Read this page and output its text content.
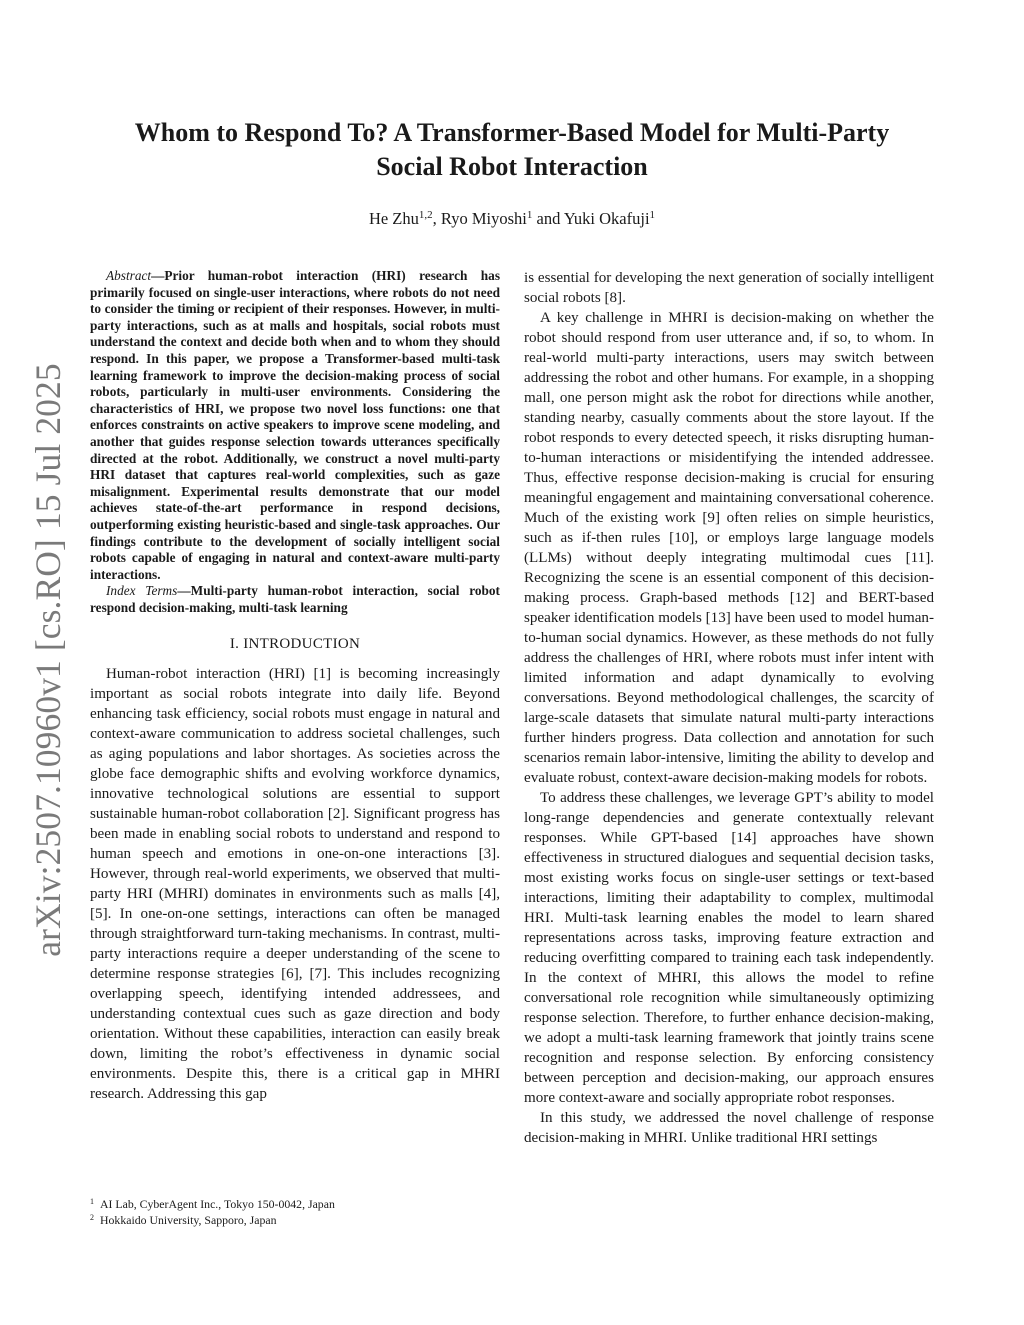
arXiv:2507.10960v1 [cs.RO] 15 Jul 2025
Whom to Respond To? A Transformer-Based Model for Multi-Party
Social Robot Interaction
He Zhu$^{1,2}$, Ryo Miyoshi$^1$ and Yuki Okafuji$^1$

Abstract—Prior human-robot interaction (HRI) research has primarily focused on single-user interactions, where robots do not need to consider the timing or recipient of their responses. However, in multi-party interactions, such as at malls and hospitals, social robots must understand the context and decide both when and to whom they should respond. In this paper, we propose a Transformer-based multi-task learning framework to improve the decision-making process of social robots, particularly in multi-user environments. Considering the characteristics of HRI, we propose two novel loss functions: one that enforces constraints on active speakers to improve scene modeling, and another that guides response selection towards utterances specifically directed at the robot. Additionally, we construct a novel multi-party HRI dataset that captures real-world complexities, such as gaze misalignment. Experimental results demonstrate that our model achieves state-of-the-art performance in respond decisions, outperforming existing heuristic-based and single-task approaches. Our findings contribute to the development of socially intelligent social robots capable of engaging in natural and context-aware multi-party interactions.

Index Terms—Multi-party human-robot interaction, social robot respond decision-making, multi-task learning

I. INTRODUCTION

Human-robot interaction (HRI) [1] is becoming increasingly important as social robots integrate into daily life. Beyond enhancing task efficiency, social robots must engage in natural and context-aware communication to address societal challenges, such as aging populations and labor shortages. As societies across the globe face demographic shifts and evolving workforce dynamics, innovative technological solutions are essential to support sustainable human-robot collaboration [2]. Significant progress has been made in enabling social robots to understand and respond to human speech and emotions in one-on-one interactions [3]. However, through real-world experiments, we observed that multi-party HRI (MHRI) dominates in environments such as malls [4], [5]. In one-on-one settings, interactions can often be managed through straightforward turn-taking mechanisms. In contrast, multi-party interactions require a deeper understanding of the scene to determine response strategies [6], [7]. This includes recognizing overlapping speech, identifying intended addressees, and understanding contextual cues such as gaze direction and body orientation. Without these capabilities, interaction can easily break down, limiting the robot’s effectiveness in dynamic social environments. Despite this, there is a critical gap in MHRI research. Addressing this gap

is essential for developing the next generation of socially intelligent social robots [8].

A key challenge in MHRI is decision-making on whether the robot should respond from user utterance and, if so, to whom. In real-world multi-party interactions, users may switch between addressing the robot and other humans. For example, in a shopping mall, one person might ask the robot for directions while another, standing nearby, casually comments about the store layout. If the robot responds to every detected speech, it risks disrupting human-to-human interactions or misidentifying the intended addressee. Thus, effective response decision-making is crucial for ensuring meaningful engagement and maintaining conversational coherence. Much of the existing work [9] often relies on simple heuristics, such as if-then rules [10], or employs large language models (LLMs) without deeply integrating multimodal cues [11]. Recognizing the scene is an essential component of this decision-making process. Graph-based methods [12] and BERT-based speaker identification models [13] have been used to model human-to-human social dynamics. However, as these methods do not fully address the challenges of HRI, where robots must infer intent with limited information and adapt dynamically to evolving conversations. Beyond methodological challenges, the scarcity of large-scale datasets that simulate natural multi-party interactions further hinders progress. Data collection and annotation for such scenarios remain labor-intensive, limiting the ability to develop and evaluate robust, context-aware decision-making models for robots.

To address these challenges, we leverage GPT’s ability to model long-range dependencies and generate contextually relevant responses. While GPT-based [14] approaches have shown effectiveness in structured dialogues and sequential decision tasks, most existing works focus on single-user settings or text-based interactions, limiting their adaptability to complex, multimodal HRI. Multi-task learning enables the model to learn shared representations across tasks, improving feature extraction and reducing overfitting compared to training each task independently. In the context of MHRI, this allows the model to refine conversational role recognition while simultaneously optimizing response selection. Therefore, to further enhance decision-making, we adopt a multi-task learning framework that jointly trains scene recognition and response selection. By enforcing consistency between perception and decision-making, our approach ensures more context-aware and socially appropriate robot responses.

In this study, we addressed the novel challenge of response decision-making in MHRI. Unlike traditional HRI settings

$^1$ AI Lab, CyberAgent Inc., Tokyo 150-0042, Japan
$^2$ Hokkaido University, Sapporo, Japan
